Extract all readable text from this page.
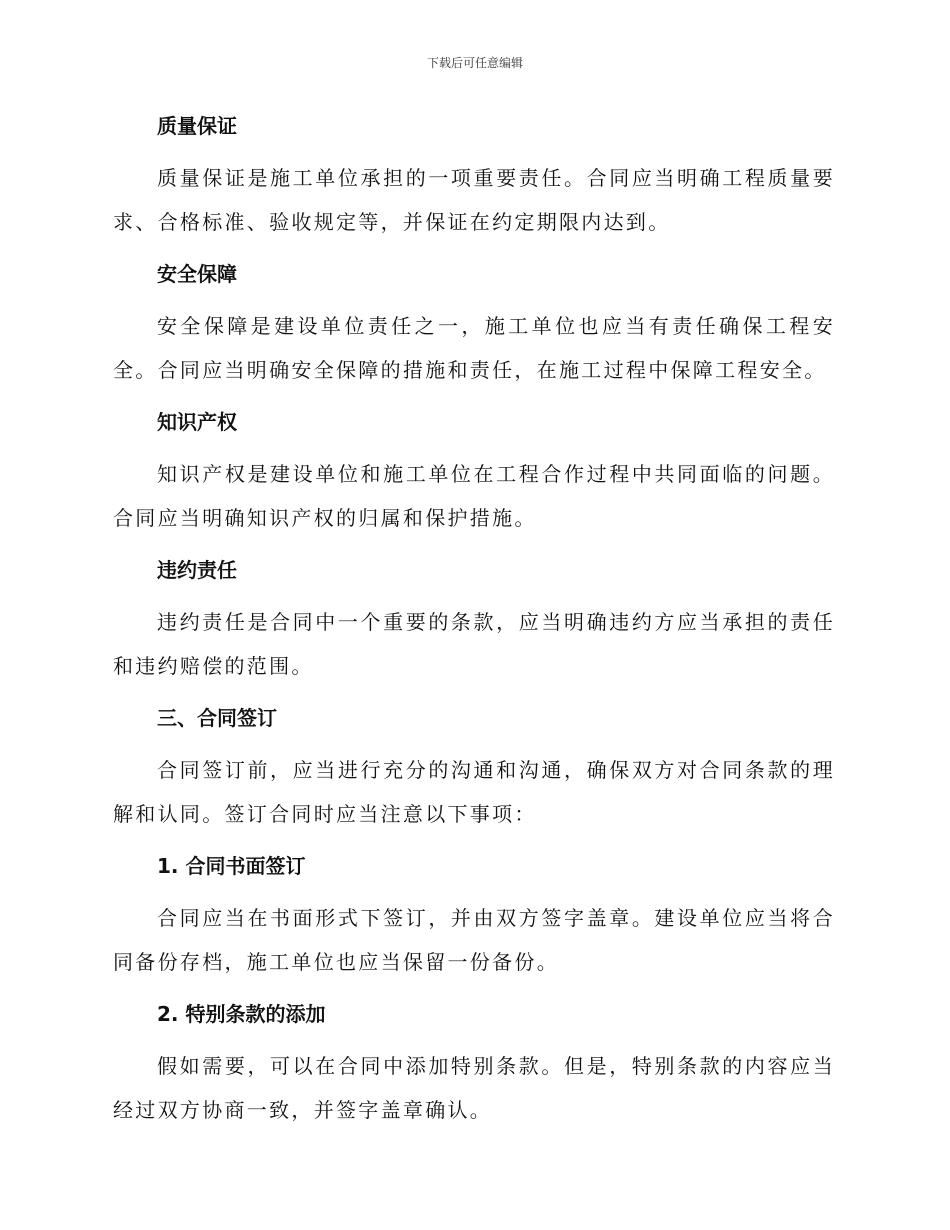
下载后可任意编辑
质量保证

质量保证是施工单位承担的一项重要责任。合同应当明确工程质量要求、合格标准、验收规定等，并保证在约定期限内达到。

安全保障

安全保障是建设单位责任之一，施工单位也应当有责任确保工程安全。合同应当明确安全保障的措施和责任，在施工过程中保障工程安全。

知识产权

知识产权是建设单位和施工单位在工程合作过程中共同面临的问题。合同应当明确知识产权的归属和保护措施。

违约责任

违约责任是合同中一个重要的条款，应当明确违约方应当承担的责任和违约赔偿的范围。

三、合同签订

合同签订前，应当进行充分的沟通和沟通，确保双方对合同条款的理解和认同。签订合同时应当注意以下事项：

1. 合同书面签订

合同应当在书面形式下签订，并由双方签字盖章。建设单位应当将合同备份存档，施工单位也应当保留一份备份。

2. 特别条款的添加

假如需要，可以在合同中添加特别条款。但是，特别条款的内容应当经过双方协商一致，并签字盖章确认。
